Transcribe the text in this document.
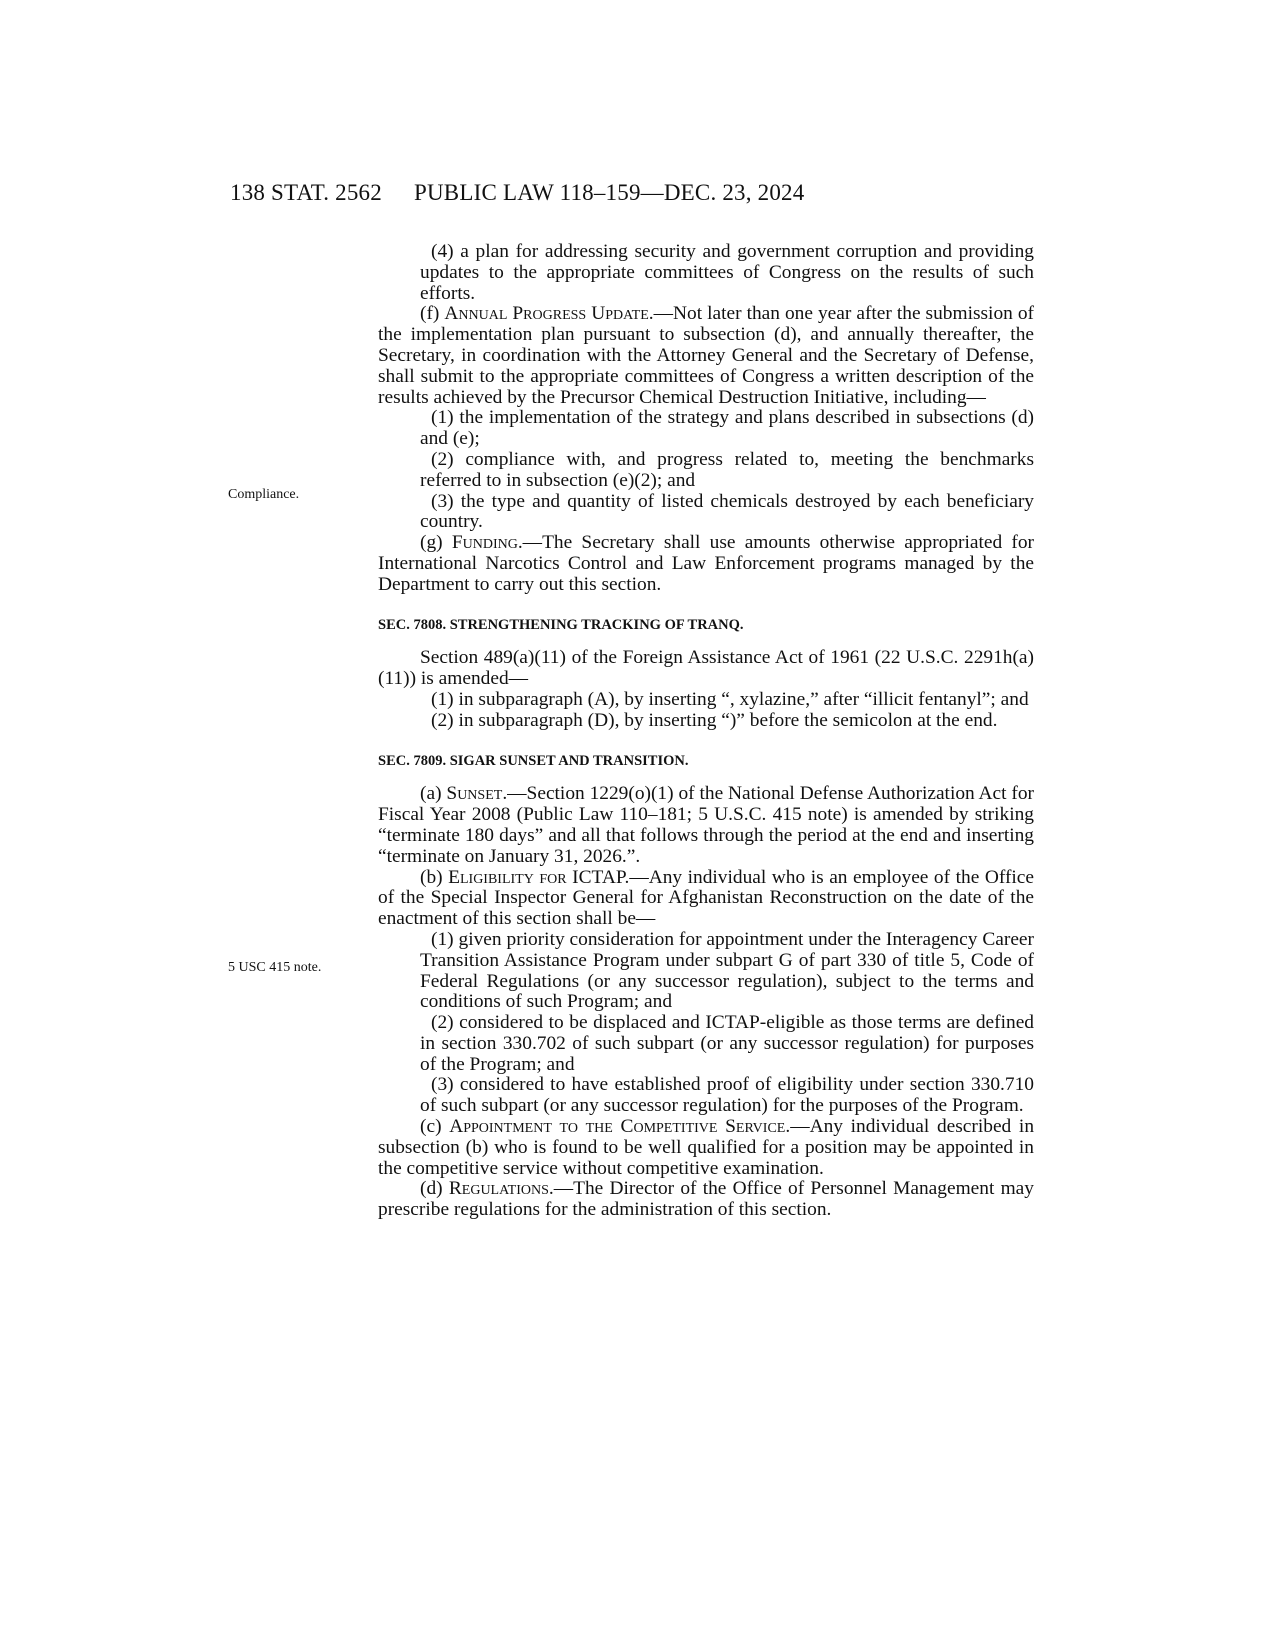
138 STAT. 2562 PUBLIC LAW 118–159—DEC. 23, 2024
Compliance.
5 USC 415 note.

(4) a plan for addressing security and government corruption and providing updates to the appropriate committees of Congress on the results of such efforts.

(f) Annual Progress Update.—Not later than one year after the submission of the implementation plan pursuant to subsection (d), and annually thereafter, the Secretary, in coordination with the Attorney General and the Secretary of Defense, shall submit to the appropriate committees of Congress a written description of the results achieved by the Precursor Chemical Destruction Initiative, including—

(1) the implementation of the strategy and plans described in subsections (d) and (e);

(2) compliance with, and progress related to, meeting the benchmarks referred to in subsection (e)(2); and

(3) the type and quantity of listed chemicals destroyed by each beneficiary country.

(g) Funding.—The Secretary shall use amounts otherwise appropriated for International Narcotics Control and Law Enforcement programs managed by the Department to carry out this section.

SEC. 7808. STRENGTHENING TRACKING OF TRANQ.

Section 489(a)(11) of the Foreign Assistance Act of 1961 (22 U.S.C. 2291h(a)(11)) is amended—

(1) in subparagraph (A), by inserting “, xylazine,” after “illicit fentanyl”; and

(2) in subparagraph (D), by inserting “)” before the semicolon at the end.

SEC. 7809. SIGAR SUNSET AND TRANSITION.

(a) Sunset.—Section 1229(o)(1) of the National Defense Authorization Act for Fiscal Year 2008 (Public Law 110–181; 5 U.S.C. 415 note) is amended by striking “terminate 180 days” and all that follows through the period at the end and inserting “terminate on January 31, 2026.”.

(b) Eligibility for ICTAP.—Any individual who is an employee of the Office of the Special Inspector General for Afghanistan Reconstruction on the date of the enactment of this section shall be—

(1) given priority consideration for appointment under the Interagency Career Transition Assistance Program under subpart G of part 330 of title 5, Code of Federal Regulations (or any successor regulation), subject to the terms and conditions of such Program; and

(2) considered to be displaced and ICTAP-eligible as those terms are defined in section 330.702 of such subpart (or any successor regulation) for purposes of the Program; and

(3) considered to have established proof of eligibility under section 330.710 of such subpart (or any successor regulation) for the purposes of the Program.

(c) Appointment to the Competitive Service.—Any individual described in subsection (b) who is found to be well qualified for a position may be appointed in the competitive service without competitive examination.

(d) Regulations.—The Director of the Office of Personnel Management may prescribe regulations for the administration of this section.
